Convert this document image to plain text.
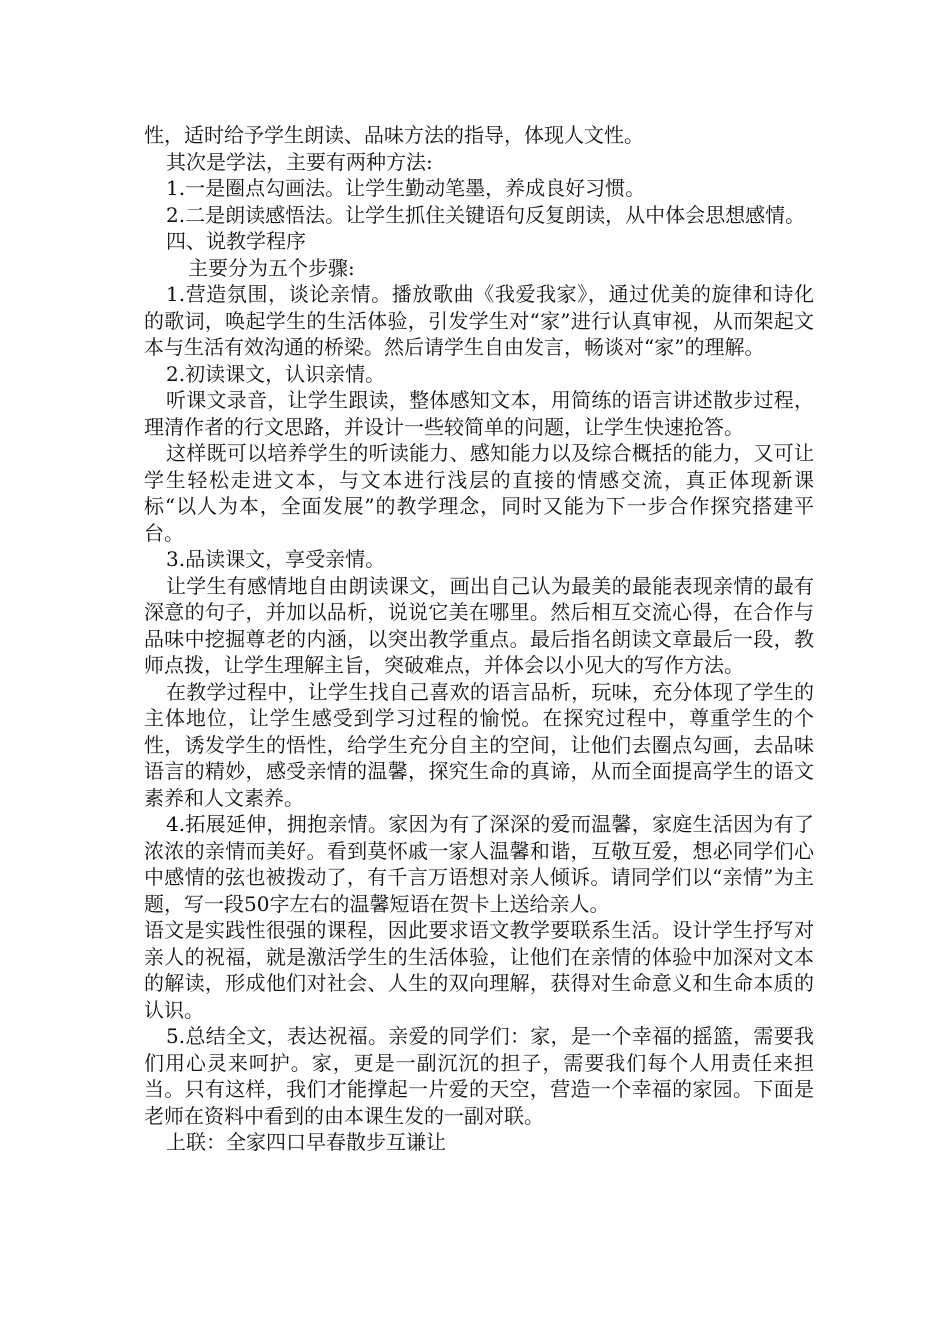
性，适时给予学生朗读、品味方法的指导，体现人文性。

其次是学法，主要有两种方法:

1.一是圈点勾画法。让学生勤动笔墨，养成良好习惯。

2.二是朗读感悟法。让学生抓住关键语句反复朗读，从中体会思想感情。

四、说教学程序

主要分为五个步骤:

1.营造氛围，谈论亲情。播放歌曲《我爱我家》，通过优美的旋律和诗化的歌词，唤起学生的生活体验，引发学生对“家”进行认真审视，从而架起文本与生活有效沟通的桥梁。然后请学生自由发言，畅谈对“家”的理解。

2.初读课文，认识亲情。

听课文录音，让学生跟读，整体感知文本，用简练的语言讲述散步过程，理清作者的行文思路，并设计一些较简单的问题，让学生快速抢答。

这样既可以培养学生的听读能力、感知能力以及综合概括的能力，又可让学生轻松走进文本，与文本进行浅层的直接的情感交流，真正体现新课标“以人为本，全面发展”的教学理念，同时又能为下一步合作探究搭建平台。

3.品读课文，享受亲情。

让学生有感情地自由朗读课文，画出自己认为最美的最能表现亲情的最有深意的句子，并加以品析，说说它美在哪里。然后相互交流心得，在合作与品味中挖掘尊老的内涵，以突出教学重点。最后指名朗读文章最后一段，教师点拨，让学生理解主旨，突破难点，并体会以小见大的写作方法。

在教学过程中，让学生找自己喜欢的语言品析，玩味，充分体现了学生的主体地位，让学生感受到学习过程的愉悦。在探究过程中，尊重学生的个性，诱发学生的悟性，给学生充分自主的空间，让他们去圈点勾画，去品味语言的精妙，感受亲情的温馨，探究生命的真谛，从而全面提高学生的语文素养和人文素养。

4.拓展延伸，拥抱亲情。家因为有了深深的爱而温馨，家庭生活因为有了浓浓的亲情而美好。看到莫怀戚一家人温馨和谐，互敬互爱，想必同学们心中感情的弦也被拨动了，有千言万语想对亲人倾诉。请同学们以“亲情”为主题，写一段50字左右的温馨短语在贺卡上送给亲人。

语文是实践性很强的课程，因此要求语文教学要联系生活。设计学生抒写对亲人的祝福，就是激活学生的生活体验，让他们在亲情的体验中加深对文本的解读，形成他们对社会、人生的双向理解，获得对生命意义和生命本质的认识。

5.总结全文，表达祝福。亲爱的同学们：家，是一个幸福的摇篮，需要我们用心灵来呵护。家，更是一副沉沉的担子，需要我们每个人用责任来担当。只有这样，我们才能撑起一片爱的天空，营造一个幸福的家园。下面是老师在资料中看到的由本课生发的一副对联。

上联：全家四口早春散步互谦让
